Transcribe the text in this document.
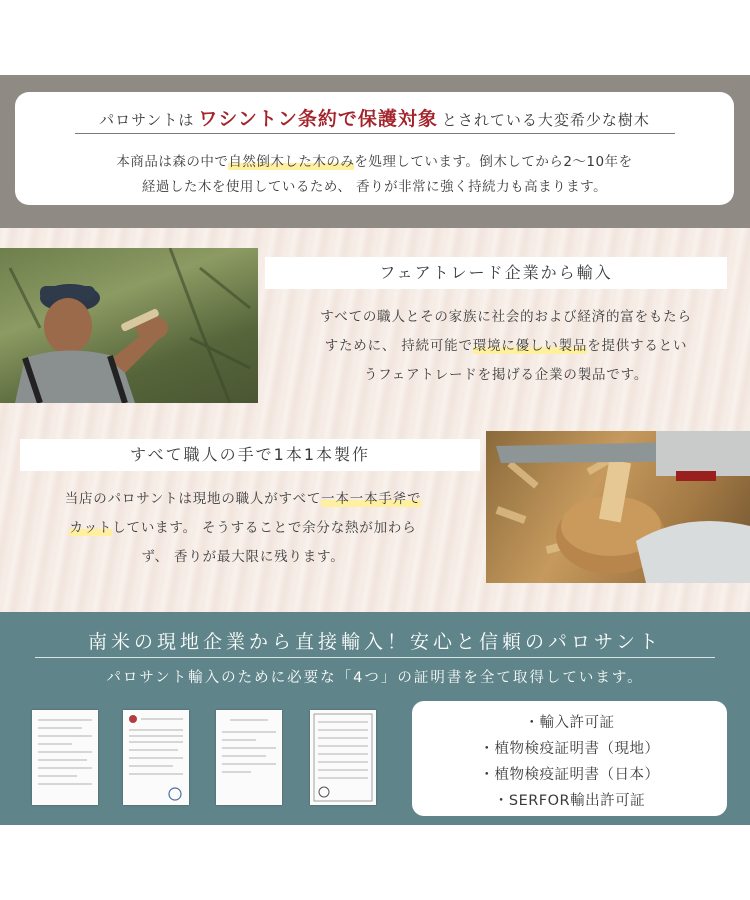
パロサントは ワシントン条約で保護対象 とされている大変希少な樹木
本商品は森の中で自然倒木した木のみを処理しています。倒木してから2〜10年を
経過した木を使用しているため、 香りが非常に強く持続力も高まります。
フェアトレード企業から輸入
すべての職人とその家族に社会的および経済的富をもたら
すために、 持続可能で環境に優しい製品を提供するとい
うフェアトレードを掲げる企業の製品です。
すべて職人の手で1本1本製作
当店のパロサントは現地の職人がすべて一本一本手斧で
カットしています。 そうすることで余分な熱が加わら
ず、 香りが最大限に残ります。
南米の現地企業から直接輸入！安心と信頼のパロサント
パロサント輸入のために必要な「4つ」の証明書を全て取得しています。
・輸入許可証
・植物検疫証明書（現地）
・植物検疫証明書（日本）
・SERFOR輸出許可証
